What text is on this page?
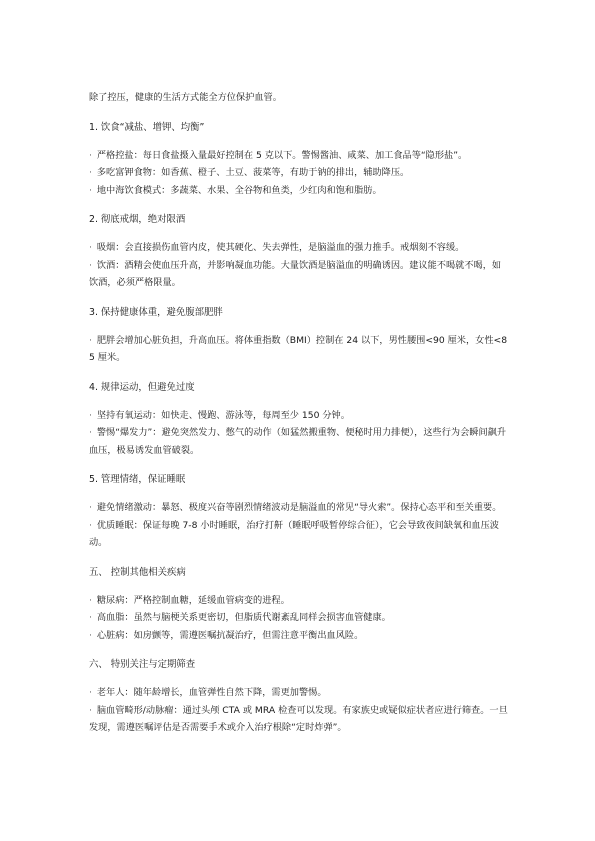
除了控压，健康的生活方式能全方位保护血管。

1. 饮食“减盐、增钾、均衡”

· 严格控盐：每日食盐摄入量最好控制在 5 克以下。警惕酱油、咸菜、加工食品等“隐形盐”。

· 多吃富钾食物：如香蕉、橙子、土豆、菠菜等，有助于钠的排出，辅助降压。

· 地中海饮食模式：多蔬菜、水果、全谷物和鱼类，少红肉和饱和脂肪。

2. 彻底戒烟，绝对限酒

· 吸烟：会直接损伤血管内皮，使其硬化、失去弹性，是脑溢血的强力推手。戒烟刻不容缓。

· 饮酒：酒精会使血压升高，并影响凝血功能。大量饮酒是脑溢血的明确诱因。建议能不喝就不喝，如饮酒，必须严格限量。

3. 保持健康体重，避免腹部肥胖

· 肥胖会增加心脏负担，升高血压。将体重指数（BMI）控制在 24 以下，男性腰围<90 厘米，女性<85 厘米。

4. 规律运动，但避免过度

· 坚持有氧运动：如快走、慢跑、游泳等，每周至少 150 分钟。

· 警惕“爆发力”：避免突然发力、憋气的动作（如猛然搬重物、便秘时用力排便），这些行为会瞬间飙升血压，极易诱发血管破裂。

5. 管理情绪，保证睡眠

· 避免情绪激动：暴怒、极度兴奋等剧烈情绪波动是脑溢血的常见“导火索”。保持心态平和至关重要。

· 优质睡眠：保证每晚 7-8 小时睡眠，治疗打鼾（睡眠呼吸暂停综合征），它会导致夜间缺氧和血压波动。

五、 控制其他相关疾病

· 糖尿病：严格控制血糖，延缓血管病变的进程。

· 高血脂：虽然与脑梗关系更密切，但脂质代谢紊乱同样会损害血管健康。

· 心脏病：如房颤等，需遵医嘱抗凝治疗，但需注意平衡出血风险。

六、 特别关注与定期筛查

· 老年人：随年龄增长，血管弹性自然下降，需更加警惕。

· 脑血管畸形/动脉瘤：通过头颅 CTA 或 MRA 检查可以发现。有家族史或疑似症状者应进行筛查。一旦发现，需遵医嘱评估是否需要手术或介入治疗根除“定时炸弹”。
